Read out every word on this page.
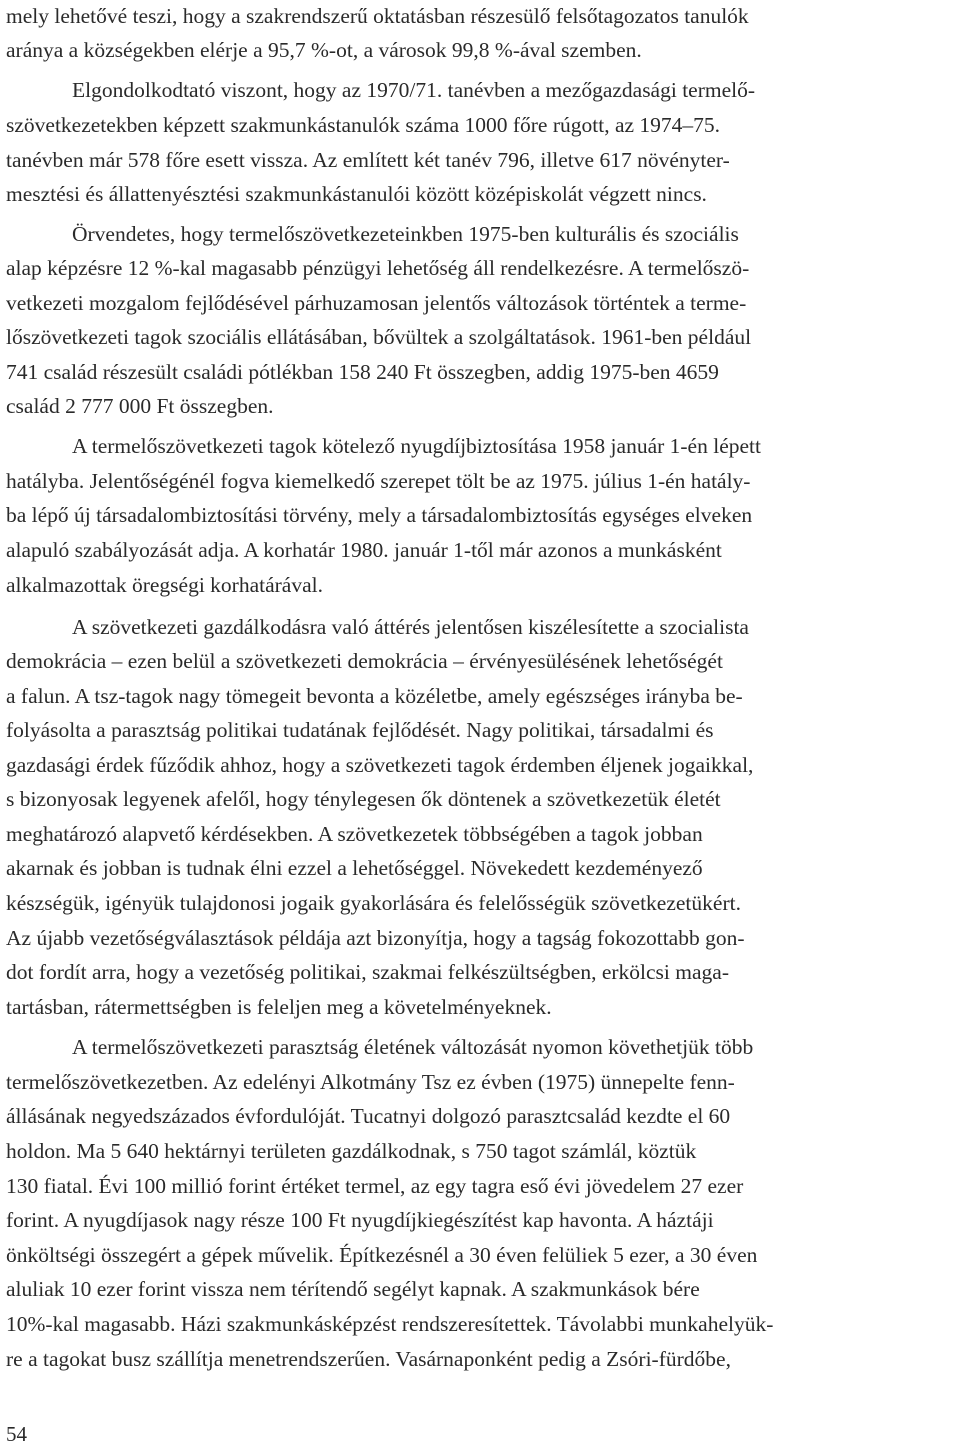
mely lehetővé teszi, hogy a szakrendszerű oktatásban részesülő felsőtagozatos tanulók
aránya a községekben elérje a 95,7 %-ot, a városok 99,8 %-ával szemben.
Elgondolkodtató viszont, hogy az 1970/71. tanévben a mezőgazdasági termelő-
szövetkezetekben képzett szakmunkástanulók száma 1000 főre rúgott, az 1974–75.
tanévben már 578 főre esett vissza. Az említett két tanév 796, illetve 617 növényter-
mesztési és állattenyésztési szakmunkástanulói között középiskolát végzett nincs.
Örvendetes, hogy termelőszövetkezeteinkben 1975-ben kulturális és szociális
alap képzésre 12 %-kal magasabb pénzügyi lehetőség áll rendelkezésre. A termelőszö-
vetkezeti mozgalom fejlődésével párhuzamosan jelentős változások történtek a terme-
lőszövetkezeti tagok szociális ellátásában, bővültek a szolgáltatások. 1961-ben például
741 család részesült családi pótlékban 158 240 Ft összegben, addig 1975-ben 4659
család 2 777 000 Ft összegben.
A termelőszövetkezeti tagok kötelező nyugdíjbiztosítása 1958 január 1-én lépett
hatályba. Jelentőségénél fogva kiemelkedő szerepet tölt be az 1975. július 1-én hatály-
ba lépő új társadalombiztosítási törvény, mely a társadalombiztosítás egységes elveken
alapuló szabályozását adja. A korhatár 1980. január 1-től már azonos a munkásként
alkalmazottak öregségi korhatárával.
A szövetkezeti gazdálkodásra való áttérés jelentősen kiszélesítette a szocialista
demokrácia – ezen belül a szövetkezeti demokrácia – érvényesülésének lehetőségét
a falun. A tsz-tagok nagy tömegeit bevonta a közéletbe, amely egészséges irányba be-
folyásolta a parasztság politikai tudatának fejlődését. Nagy politikai, társadalmi és
gazdasági érdek fűződik ahhoz, hogy a szövetkezeti tagok érdemben éljenek jogaikkal,
s bizonyosak legyenek afelől, hogy ténylegesen ők döntenek a szövetkezetük életét
meghatározó alapvető kérdésekben. A szövetkezetek többségében a tagok jobban
akarnak és jobban is tudnak élni ezzel a lehetőséggel. Növekedett kezdeményező
készségük, igényük tulajdonosi jogaik gyakorlására és felelősségük szövetkezetükért.
Az újabb vezetőségválasztások példája azt bizonyítja, hogy a tagság fokozottabb gon-
dot fordít arra, hogy a vezetőség politikai, szakmai felkészültségben, erkölcsi maga-
tartásban, rátermettségben is feleljen meg a követelményeknek.
A termelőszövetkezeti parasztság életének változását nyomon követhetjük több
termelőszövetkezetben. Az edelényi Alkotmány Tsz ez évben (1975) ünnepelte fenn-
állásának negyedszázados évfordulóját. Tucatnyi dolgozó parasztcsalád kezdte el 60
holdon. Ma 5 640 hektárnyi területen gazdálkodnak, s 750 tagot számlál, köztük
130 fiatal. Évi 100 millió forint értéket termel, az egy tagra eső évi jövedelem 27 ezer
forint. A nyugdíjasok nagy része 100 Ft nyugdíjkiegészítést kap havonta. A háztáji
önköltségi összegért a gépek művelik. Építkezésnél a 30 éven felüliek 5 ezer, a 30 éven
aluliak 10 ezer forint vissza nem térítendő segélyt kapnak. A szakmunkások bére
10%-kal magasabb. Házi szakmunkásképzést rendszeresítettek. Távolabbi munkahelyük-
re a tagokat busz szállítja menetrendszerűen. Vasárnaponként pedig a Zsóri-fürdőbe,
54
